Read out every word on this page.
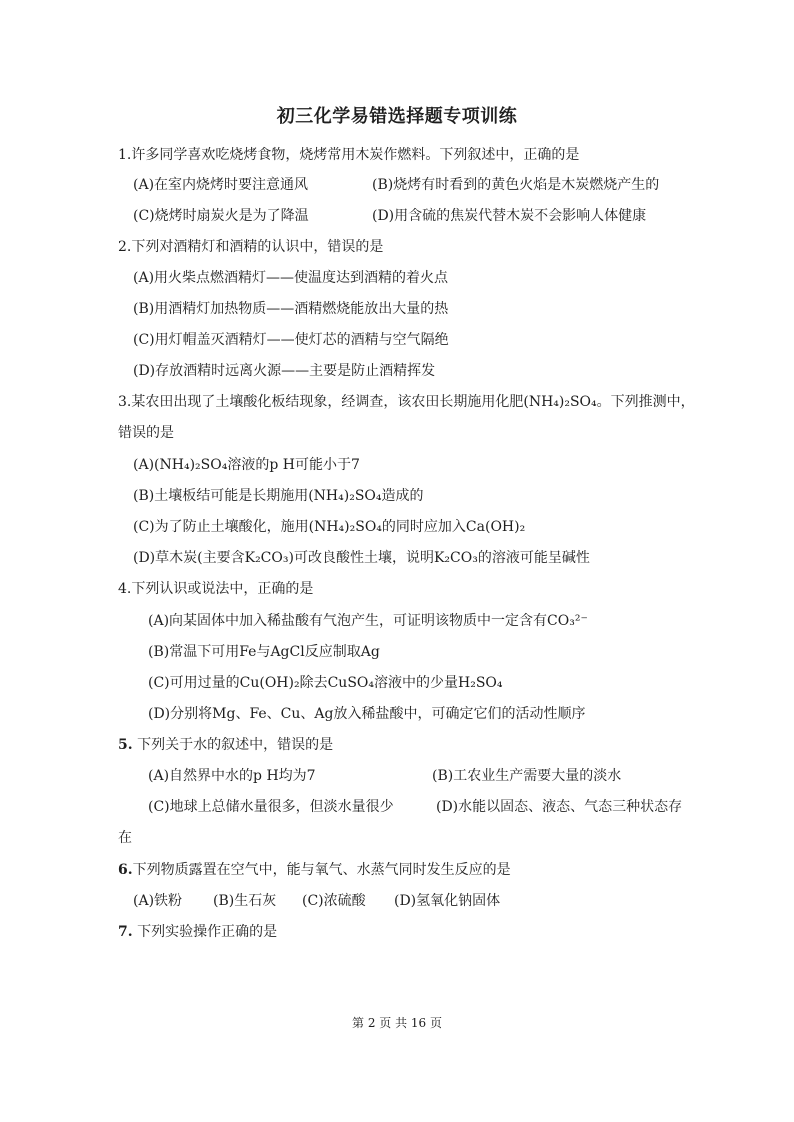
初三化学易错选择题专项训练
1.许多同学喜欢吃烧烤食物，烧烤常用木炭作燃料。下列叙述中，正确的是
(A)在室内烧烤时要注意通风	(B)烧烤有时看到的黄色火焰是木炭燃烧产生的
(C)烧烤时扇炭火是为了降温	(D)用含硫的焦炭代替木炭不会影响人体健康
2.下列对酒精灯和酒精的认识中，错误的是
(A)用火柴点燃酒精灯——使温度达到酒精的着火点
(B)用酒精灯加热物质——酒精燃烧能放出大量的热
(C)用灯帽盖灭酒精灯——使灯芯的酒精与空气隔绝
(D)存放酒精时远离火源——主要是防止酒精挥发
3.某农田出现了土壤酸化板结现象，经调查，该农田长期施用化肥(NH₄)₂SO₄。下列推测中，
错误的是
(A)(NH₄)₂SO₄溶液的p H可能小于7
(B)土壤板结可能是长期施用(NH₄)₂SO₄造成的
(C)为了防止土壤酸化，施用(NH₄)₂SO₄的同时应加入Ca(OH)₂
(D)草木炭(主要含K₂CO₃)可改良酸性土壤，说明K₂CO₃的溶液可能呈碱性
4.下列认识或说法中，正确的是
(A)向某固体中加入稀盐酸有气泡产生，可证明该物质中一定含有CO₃²⁻
(B)常温下可用Fe与AgCl反应制取Ag
(C)可用过量的Cu(OH)₂除去CuSO₄溶液中的少量H₂SO₄
(D)分别将Mg、Fe、Cu、Ag放入稀盐酸中，可确定它们的活动性顺序
5. 下列关于水的叙述中，错误的是
(A)自然界中水的p H均为7	(B)工农业生产需要大量的淡水
(C)地球上总储水量很多，但淡水量很少	(D)水能以固态、液态、气态三种状态存
在
6.下列物质露置在空气中，能与氧气、水蒸气同时发生反应的是
(A)铁粉 (B)生石灰 (C)浓硫酸 (D)氢氧化钠固体
7. 下列实验操作正确的是
第 2 页 共 16 页
